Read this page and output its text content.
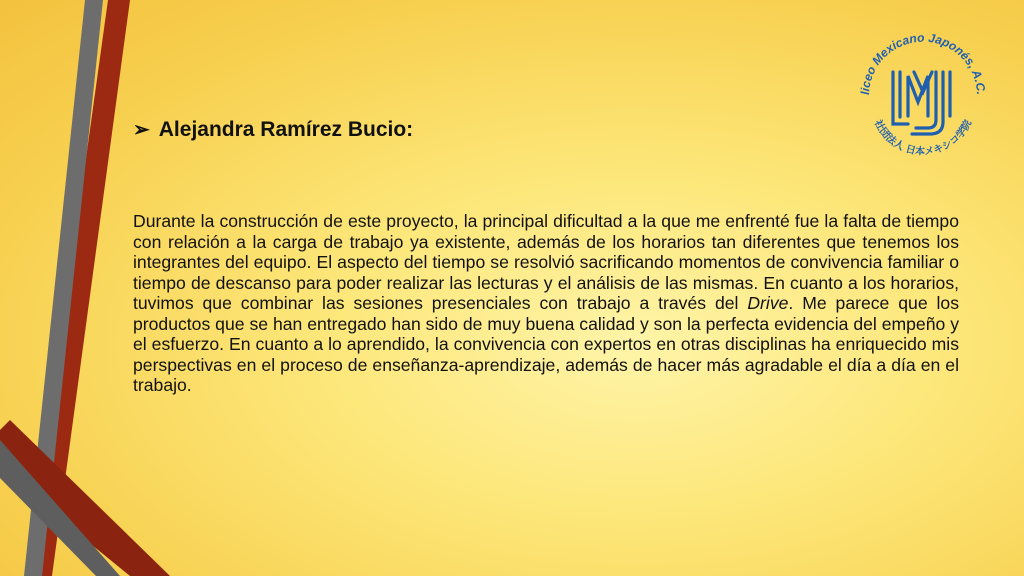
liceo Mexicano Japonés, A.C.
社団法人 日本メキシコ学院
➢ Alejandra Ramírez Bucio:
Durante la construcción de este proyecto, la principal dificultad a la que me enfrenté fue la falta de tiempo con relación a la carga de trabajo ya existente, además de los horarios tan diferentes que tenemos los integrantes del equipo. El aspecto del tiempo se resolvió sacrificando momentos de convivencia familiar o tiempo de descanso para poder realizar las lecturas y el análisis de las mismas. En cuanto a los horarios, tuvimos que combinar las sesiones presenciales con trabajo a través del Drive. Me parece que los productos que se han entregado han sido de muy buena calidad y son la perfecta evidencia del empeño y el esfuerzo. En cuanto a lo aprendido, la convivencia con expertos en otras disciplinas ha enriquecido mis perspectivas en el proceso de enseñanza-aprendizaje, además de hacer más agradable el día a día en el trabajo.
